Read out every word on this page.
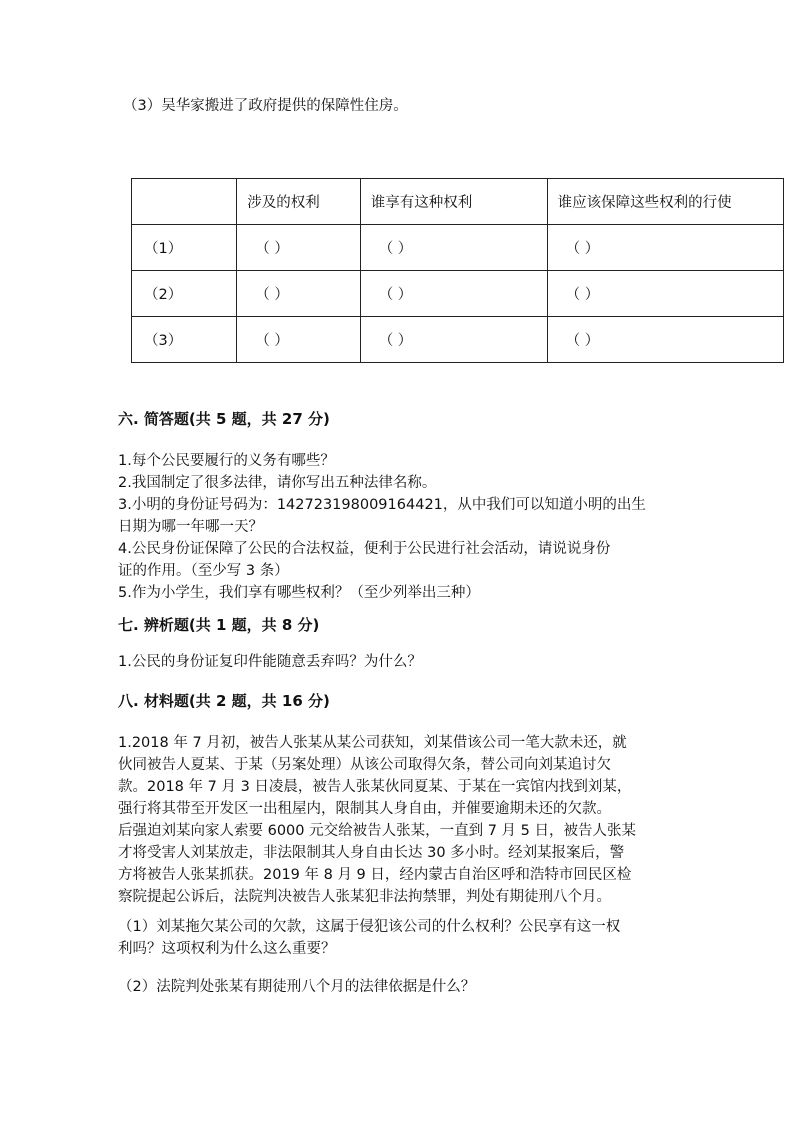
（3）吴华家搬进了政府提供的保障性住房。
	涉及的权利	谁享有这种权利	谁应该保障这些权利的行使
（1）	（ ）	（ ）	（ ）
（2）	（ ）	（ ）	（ ）
（3）	（ ）	（ ）	（ ）
六. 简答题(共 5 题，共 27 分)
1.每个公民要履行的义务有哪些？
2.我国制定了很多法律，请你写出五种法律名称。
3.小明的身份证号码为：142723198009164421，从中我们可以知道小明的出生
日期为哪一年哪一天？
4.公民身份证保障了公民的合法权益，便利于公民进行社会活动，请说说身份
证的作用。（至少写 3 条）
5.作为小学生，我们享有哪些权利？（至少列举出三种）
七. 辨析题(共 1 题，共 8 分)
1.公民的身份证复印件能随意丢弃吗？为什么？
八. 材料题(共 2 题，共 16 分)
1.2018 年 7 月初，被告人张某从某公司获知，刘某借该公司一笔大款未还，就
伙同被告人夏某、于某（另案处理）从该公司取得欠条，替公司向刘某追讨欠
款。2018 年 7 月 3 日凌晨，被告人张某伙同夏某、于某在一宾馆内找到刘某，
强行将其带至开发区一出租屋内，限制其人身自由，并催要逾期未还的欠款。
后强迫刘某向家人索要 6000 元交给被告人张某，一直到 7 月 5 日，被告人张某
才将受害人刘某放走，非法限制其人身自由长达 30 多小时。经刘某报案后，警
方将被告人张某抓获。2019 年 8 月 9 日，经内蒙古自治区呼和浩特市回民区检
察院提起公诉后，法院判决被告人张某犯非法拘禁罪，判处有期徒刑八个月。
（1）刘某拖欠某公司的欠款，这属于侵犯该公司的什么权利？公民享有这一权
利吗？这项权利为什么这么重要？
（2）法院判处张某有期徒刑八个月的法律依据是什么？
